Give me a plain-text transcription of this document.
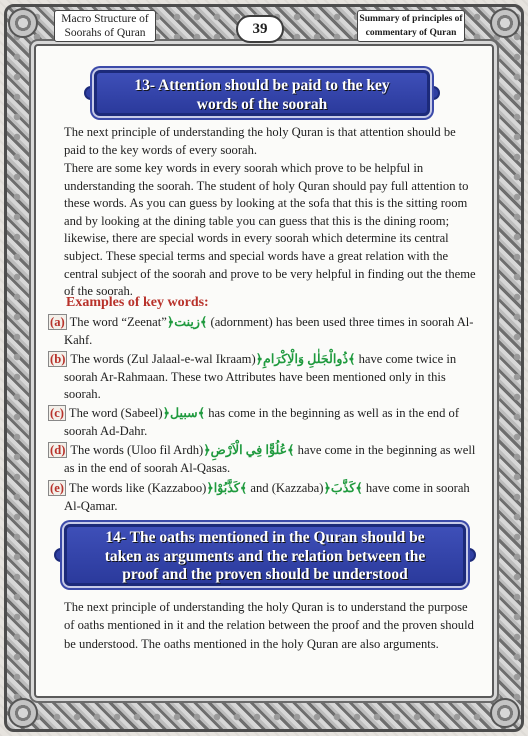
Macro Structure of
Soorahs of Quran	39
Summary of principles of
commentary of Quran
13- Attention should be paid to the key
words of the soorah

The next principle of understanding the holy Quran is that attention should be paid to the key words of every soorah.

There are some key words in every soorah which prove to be helpful in understanding the soorah. The student of holy Quran should pay full attention to these words. As you can guess by looking at the sofa that this is the sitting room and by looking at the dining table you can guess that this is the dining room; likewise, there are special words in every soorah which determine its central subject. These special terms and special words have a great relation with the central subject of the soorah and prove to be very helpful in finding out the theme of the soorah.

Examples of key words:
(a) The word “Zeenat”﴿زينت﴾ (adornment) has been used three times in soorah Al-Kahf.
(b) The words (Zul Jalaal-e-wal Ikraam)﴿ذُوالْجَلٰلِ وَالْاِكْرَامِ﴾ have come twice in soorah Ar-Rahmaan. These two Attributes have been mentioned only in this soorah.
(c) The word (Sabeel)﴿سبيل﴾ has come in the beginning as well as in the end of soorah Ad-Dahr.
(d) The words (Uloo fil Ardh)﴿عُلُوًّا فِي الْاَرْضِ﴾ have come in the beginning as well as in the end of soorah Al-Qasas.
(e) The words like (Kazzaboo)﴿كَذَّبُوْا﴾ and (Kazzaba)﴿كَذَّبَ﴾ have come in soorah Al-Qamar.
14- The oaths mentioned in the Quran should be
taken as arguments and the relation between the
proof and the proven should be understood

The next principle of understanding the holy Quran is to understand the purpose of oaths mentioned in it and the relation between the proof and the proven should be understood. The oaths mentioned in the holy Quran are also arguments.
